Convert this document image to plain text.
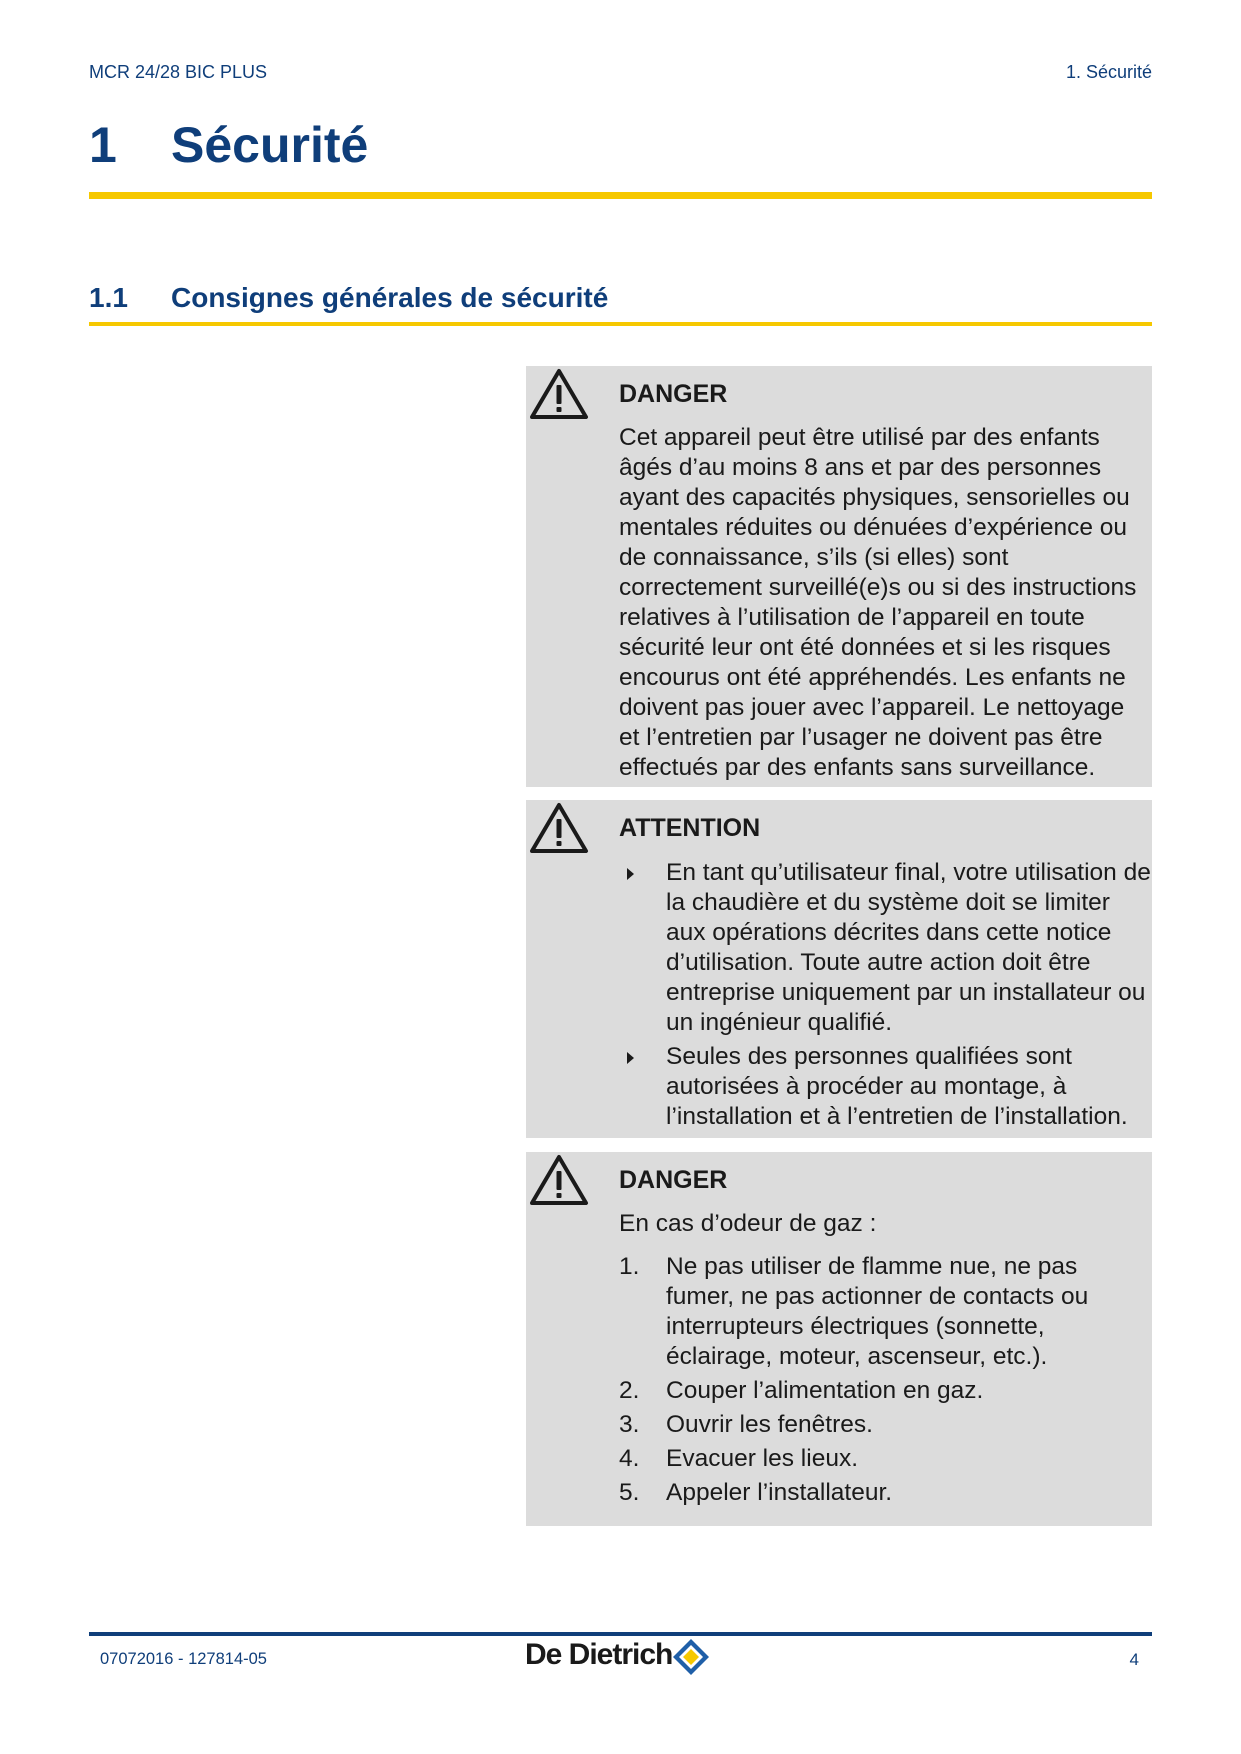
MCR 24/28 BIC PLUS	1. Sécurité
1 Sécurité
1.1 Consignes générales de sécurité
DANGER
Cet appareil peut être utilisé par des enfants âgés d’au moins 8 ans et par des personnes ayant des capacités physiques, sensorielles ou mentales réduites ou dénuées d’expérience ou de connaissance, s’ils (si elles) sont correctement surveillé(e)s ou si des instructions relatives à l’utilisation de l’appareil en toute sécurité leur ont été données et si les risques encourus ont été appréhendés. Les enfants ne doivent pas jouer avec l’appareil. Le nettoyage et l’entretien par l’usager ne doivent pas être effectués par des enfants sans surveillance.
ATTENTION
En tant qu’utilisateur final, votre utilisation de la chaudière et du système doit se limiter aux opérations décrites dans cette notice d’utilisation. Toute autre action doit être entreprise uniquement par un installateur ou un ingénieur qualifié.
Seules des personnes qualifiées sont autorisées à procéder au montage, à l’installation et à l’entretien de l’installation.
DANGER
En cas d’odeur de gaz :
1. Ne pas utiliser de flamme nue, ne pas fumer, ne pas actionner de contacts ou interrupteurs électriques (sonnette, éclairage, moteur, ascenseur, etc.).
2. Couper l’alimentation en gaz.
3. Ouvrir les fenêtres.
4. Evacuer les lieux.
5. Appeler l’installateur.
07072016 - 127814-05	De Dietrich	4
